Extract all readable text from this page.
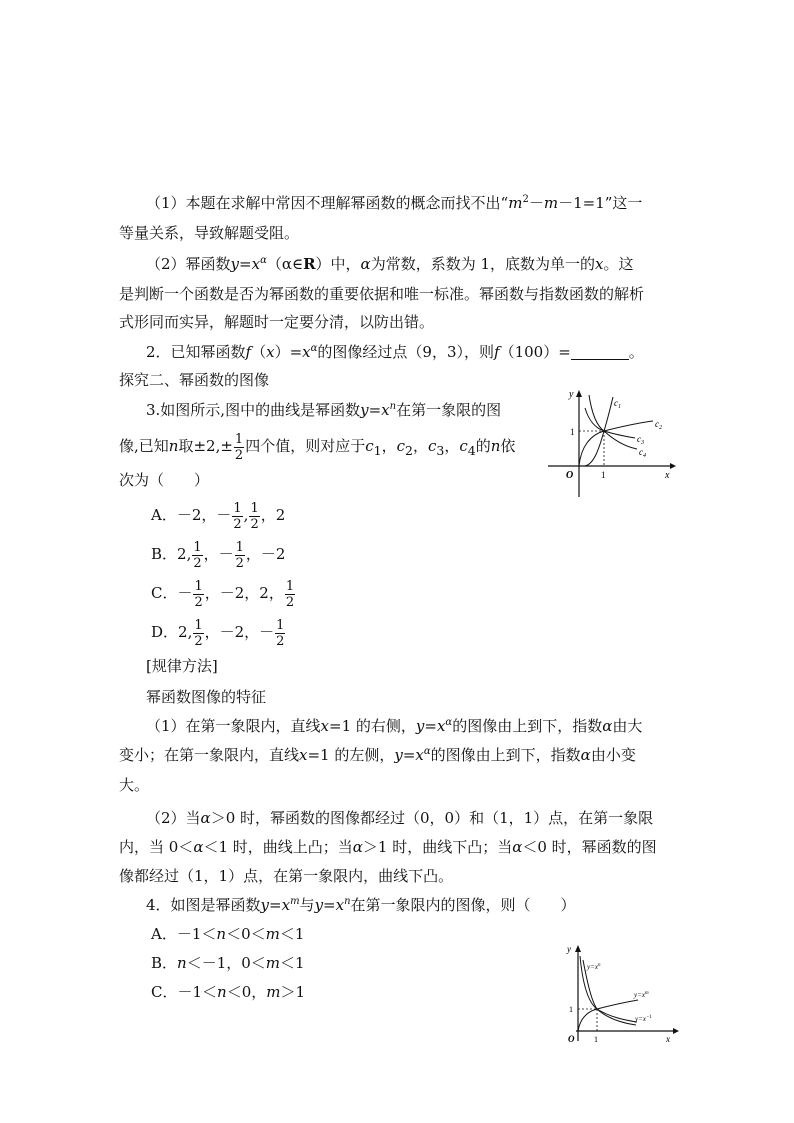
（1）本题在求解中常因不理解幂函数的概念而找不出“$m^2-m-1=1$”这一
等量关系，导致解题受阻。
（2）幂函数$y=x^\alpha(\alpha\in R)$中，α为常数，系数为 1，底数为单一的x。这
是判断一个函数是否为幂函数的重要依据和唯一标准。幂函数与指数函数的解析
式形同而实异，解题时一定要分清，以防出错。
2．已知幂函数$f(x)=x^\alpha$的图像经过点（9，3），则f（100）=	。
探究二、幂函数的图像
3.如图所示,图中的曲线是幂函数$y=x^n$在第一象限的图
像,已知n取$\pm 2,\pm \frac{1}{2}$ 四个值，则对应于$c_1$，$c_2$，$c_3$，$c_4$的n依
次为（　　）
A．－2，－ $\frac{1}{2}$ , $\frac{1}{2}$ ，2
B．2, $\frac{1}{2}$ ，－ $\frac{1}{2}$ ，－2
C．－ $\frac{1}{2}$ ，－2，2， $\frac{1}{2}$
D．2, $\frac{1}{2}$ ，－2，－ $\frac{1}{2}$
[规律方法]
幂函数图像的特征
（1）在第一象限内，直线x=1 的右侧，$y=x^\alpha$的图像由上到下，指数α由大
变小；在第一象限内，直线x=1 的左侧，$y=x^\alpha$的图像由上到下，指数α由小变
大。
（2）当α＞0 时，幂函数的图像都经过（0，0）和（1，1）点，在第一象限
内，当 0＜α＜1 时，曲线上凸；当α＞1 时，曲线下凸；当α＜0 时，幂函数的图
像都经过（1，1）点，在第一象限内，曲线下凸。
4．如图是幂函数$y=x^m$与$y=x^n$在第一象限内的图像，则（　　）
A．－1＜n＜0＜m＜1
B．n＜－1，0＜m＜1
C．－1＜n＜0，m＞1
y
x
O	1
1
$c_1$
$c_2$
$c_3$
$c_4$
y
x
O 1
1
$y=x^n$
$y=x^m$
$y=x^{-1}$
